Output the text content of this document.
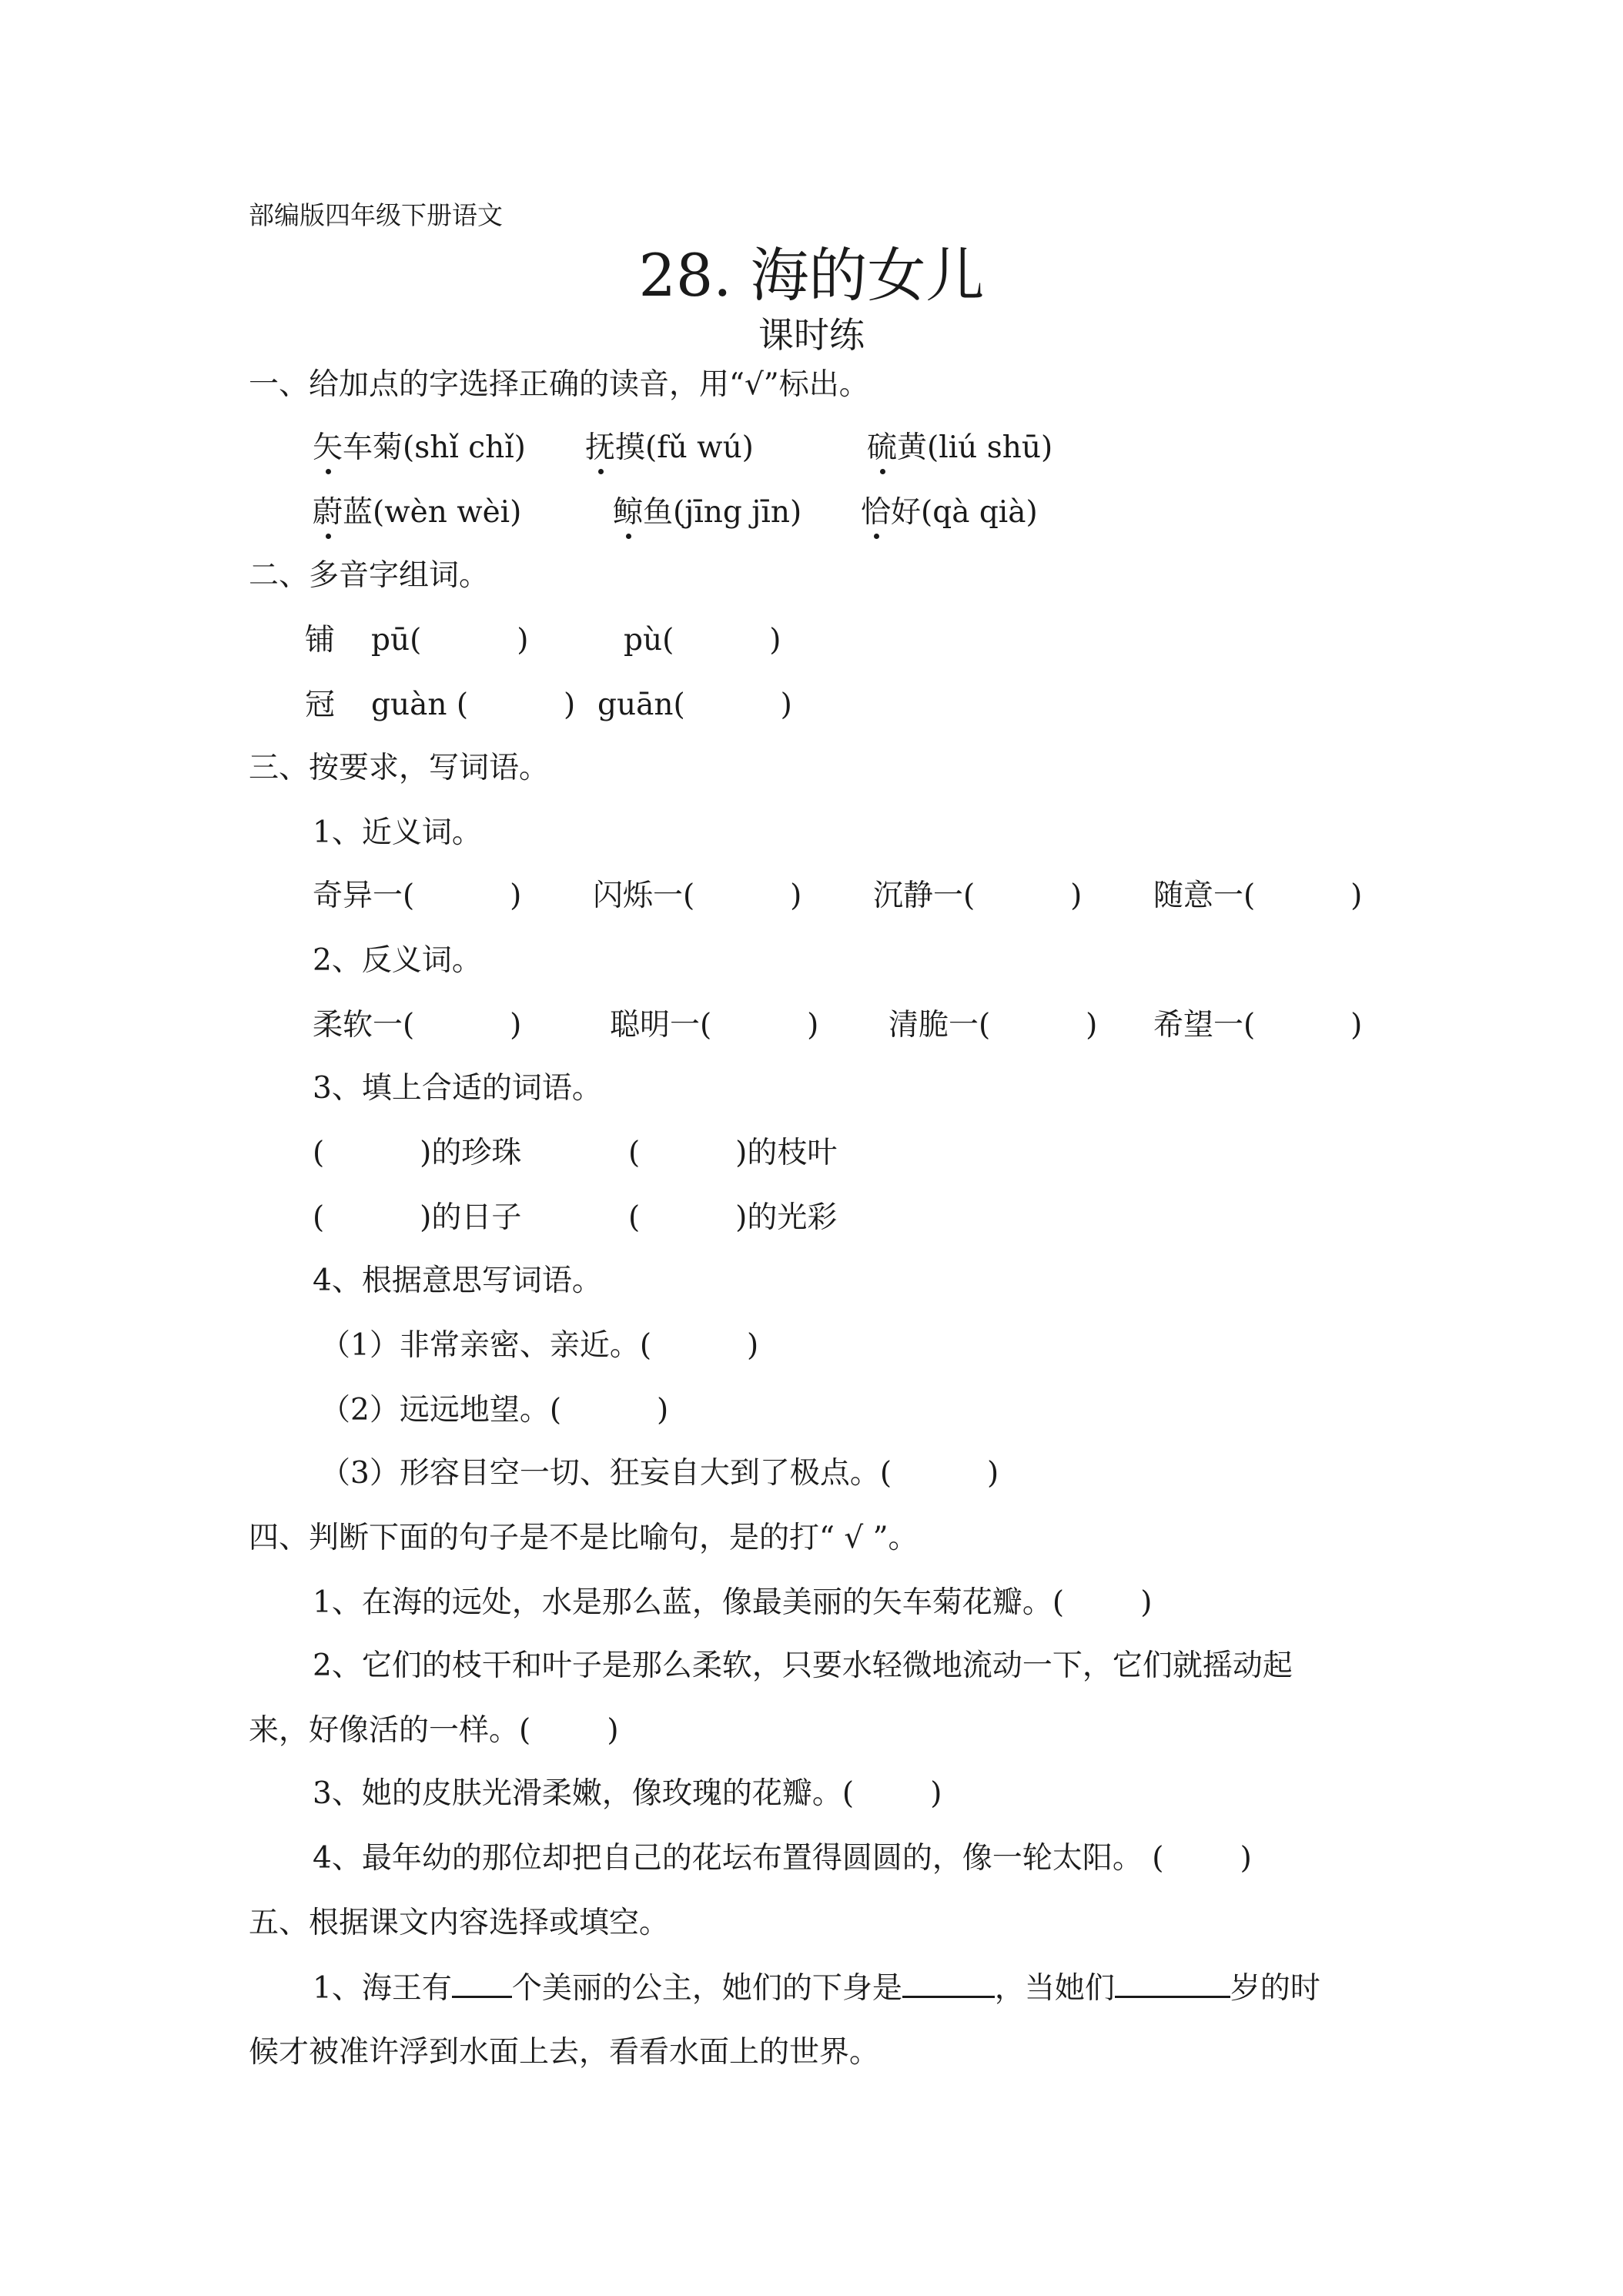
部编版四年级下册语文
28. 海的女儿
课时练
一、给加点的字选择正确的读音，用“√”标出。
矢车菊(shǐ chǐ) 抚摸(fǔ wú)	硫黄(liú shū)
蔚蓝(wèn wèi)	鲸鱼(jīng jīn) 恰好(qà qià)
二、多音字组词。
铺 pū(          )	pù(          )
冠 guàn (          ) guān(          )
三、按要求，写词语。
1、近义词。
奇异一(          ) 闪烁一(          ) 沉静一(          ) 随意一(          )
2、反义词。
柔软一(          )	聪明一(          ) 清脆一(          ) 希望一(          )
3、填上合适的词语。
(          )的珍珠	(          )的枝叶
(          )的日子	(          )的光彩
4、根据意思写词语。
（1）非常亲密、亲近。(          )
（2）远远地望。(          )
（3）形容目空一切、狂妄自大到了极点。(          )
四、判断下面的句子是不是比喻句，是的打“ √ ”。
1、在海的远处，水是那么蓝，像最美丽的矢车菊花瓣。(        )
2、它们的枝干和叶子是那么柔软，只要水轻微地流动一下，它们就摇动起
来，好像活的一样。(        )
3、她的皮肤光滑柔嫩，像玫瑰的花瓣。(        )
4、最年幼的那位却把自己的花坛布置得圆圆的，像一轮太阳。 (        )
五、根据课文内容选择或填空。
1、海王有 个美丽的公主，她们的下身是	，当她们	岁的时
候才被准许浮到水面上去，看看水面上的世界。
